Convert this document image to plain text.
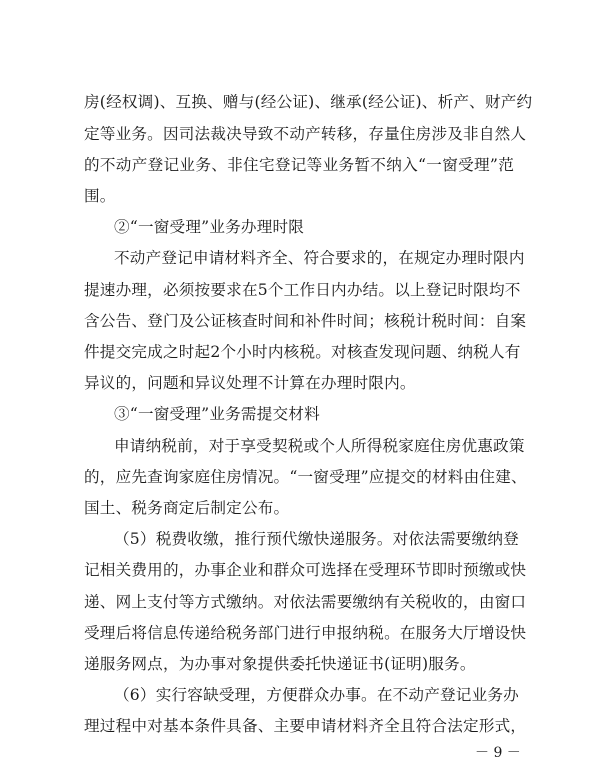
房(经权调)、互换、赠与(经公证)、继承(经公证)、析产、财产约
定等业务。因司法裁决导致不动产转移，存量住房涉及非自然人
的不动产登记业务、非住宅登记等业务暂不纳入“一窗受理”范
围。
②“一窗受理”业务办理时限
不动产登记申请材料齐全、符合要求的，在规定办理时限内
提速办理，必须按要求在5个工作日内办结。以上登记时限均不
含公告、登门及公证核查时间和补件时间；核税计税时间：自案
件提交完成之时起2个小时内核税。对核查发现问题、纳税人有
异议的，问题和异议处理不计算在办理时限内。
③“一窗受理”业务需提交材料
申请纳税前，对于享受契税或个人所得税家庭住房优惠政策
的，应先查询家庭住房情况。“一窗受理”应提交的材料由住建、
国土、税务商定后制定公布。
（5）税费收缴，推行预代缴快递服务。对依法需要缴纳登
记相关费用的，办事企业和群众可选择在受理环节即时预缴或快
递、网上支付等方式缴纳。对依法需要缴纳有关税收的，由窗口
受理后将信息传递给税务部门进行申报纳税。在服务大厅增设快
递服务网点，为办事对象提供委托快递证书(证明)服务。
（6）实行容缺受理，方便群众办事。在不动产登记业务办
理过程中对基本条件具备、主要申请材料齐全且符合法定形式，
－ 9 －
